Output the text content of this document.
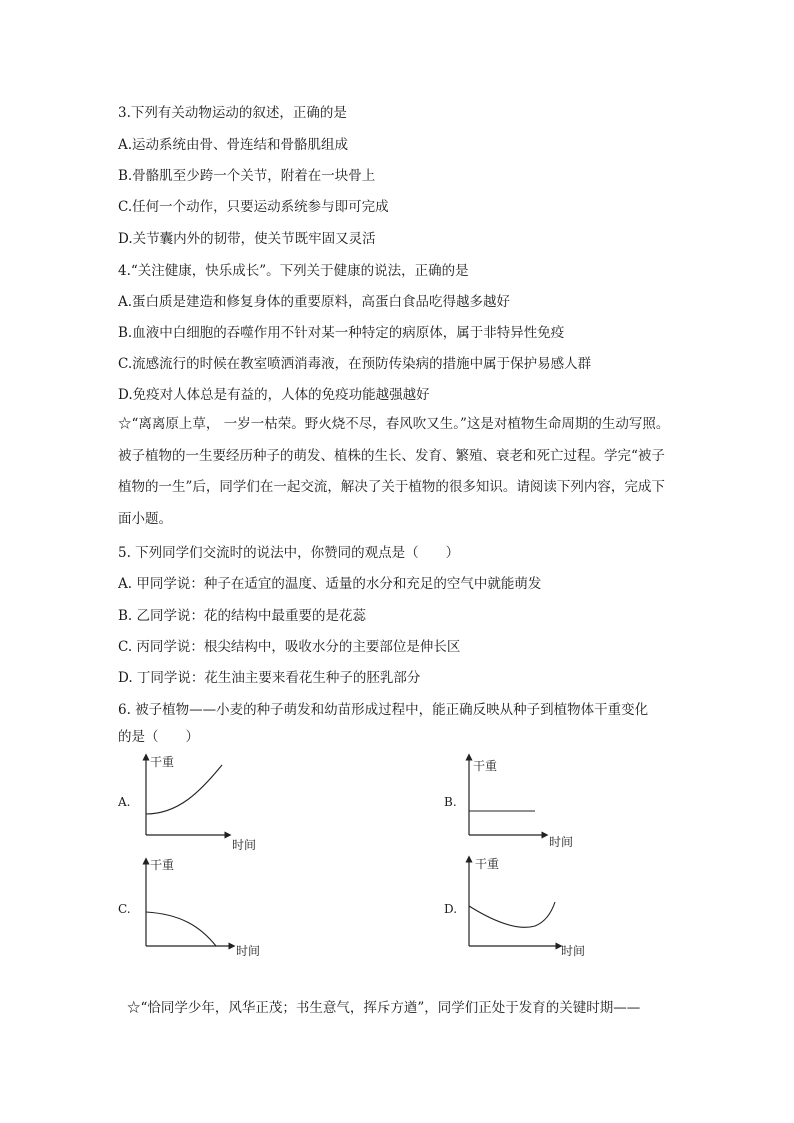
3.下列有关动物运动的叙述，正确的是
A.运动系统由骨、骨连结和骨骼肌组成
B.骨骼肌至少跨一个关节，附着在一块骨上
C.任何一个动作，只要运动系统参与即可完成
D.关节囊内外的韧带，使关节既牢固又灵活
4.“关注健康，快乐成长”。下列关于健康的说法，正确的是
A.蛋白质是建造和修复身体的重要原料，高蛋白食品吃得越多越好
B.血液中白细胞的吞噬作用不针对某一种特定的病原体，属于非特异性免疫
C.流感流行的时候在教室喷洒消毒液，在预防传染病的措施中属于保护易感人群
D.免疫对人体总是有益的，人体的免疫功能越强越好
☆“离离原上草， 一岁一枯荣。野火烧不尽，春风吹又生。”这是对植物生命周期的生动写照。被子植物的一生要经历种子的萌发、植株的生长、发育、繁殖、衰老和死亡过程。学完“被子植物的一生”后，同学们在一起交流，解决了关于植物的很多知识。请阅读下列内容，完成下面小题。
5. 下列同学们交流时的说法中，你赞同的观点是（　　）
A. 甲同学说：种子在适宜的温度、适量的水分和充足的空气中就能萌发
B. 乙同学说：花的结构中最重要的是花蕊
C. 丙同学说：根尖结构中，吸收水分的主要部位是伸长区
D. 丁同学说：花生油主要来看花生种子的胚乳部分
6. 被子植物——小麦的种子萌发和幼苗形成过程中，能正确反映从种子到植物体干重变化
的是（　　）
A.
干重
时间
B.
干重
时间
C.
干重
时间
D.
干重
时间
☆“恰同学少年，风华正茂；书生意气，挥斥方遒”，同学们正处于发育的关键时期——
